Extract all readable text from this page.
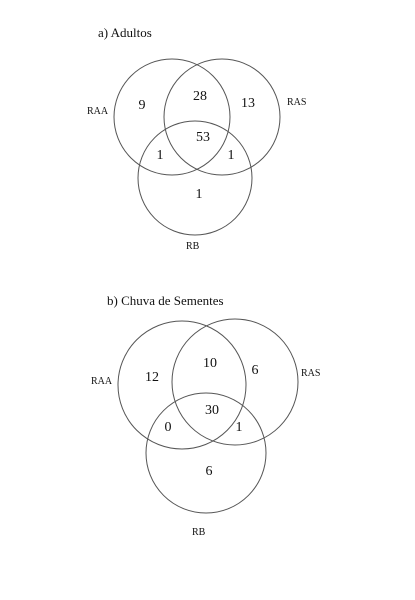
a) Adultos
RAA
RAS
RB
9	13
28
53
1	1
1
b) Chuva de Sementes
RAA
RAS
RB
12	6
10
30
0	1
6
